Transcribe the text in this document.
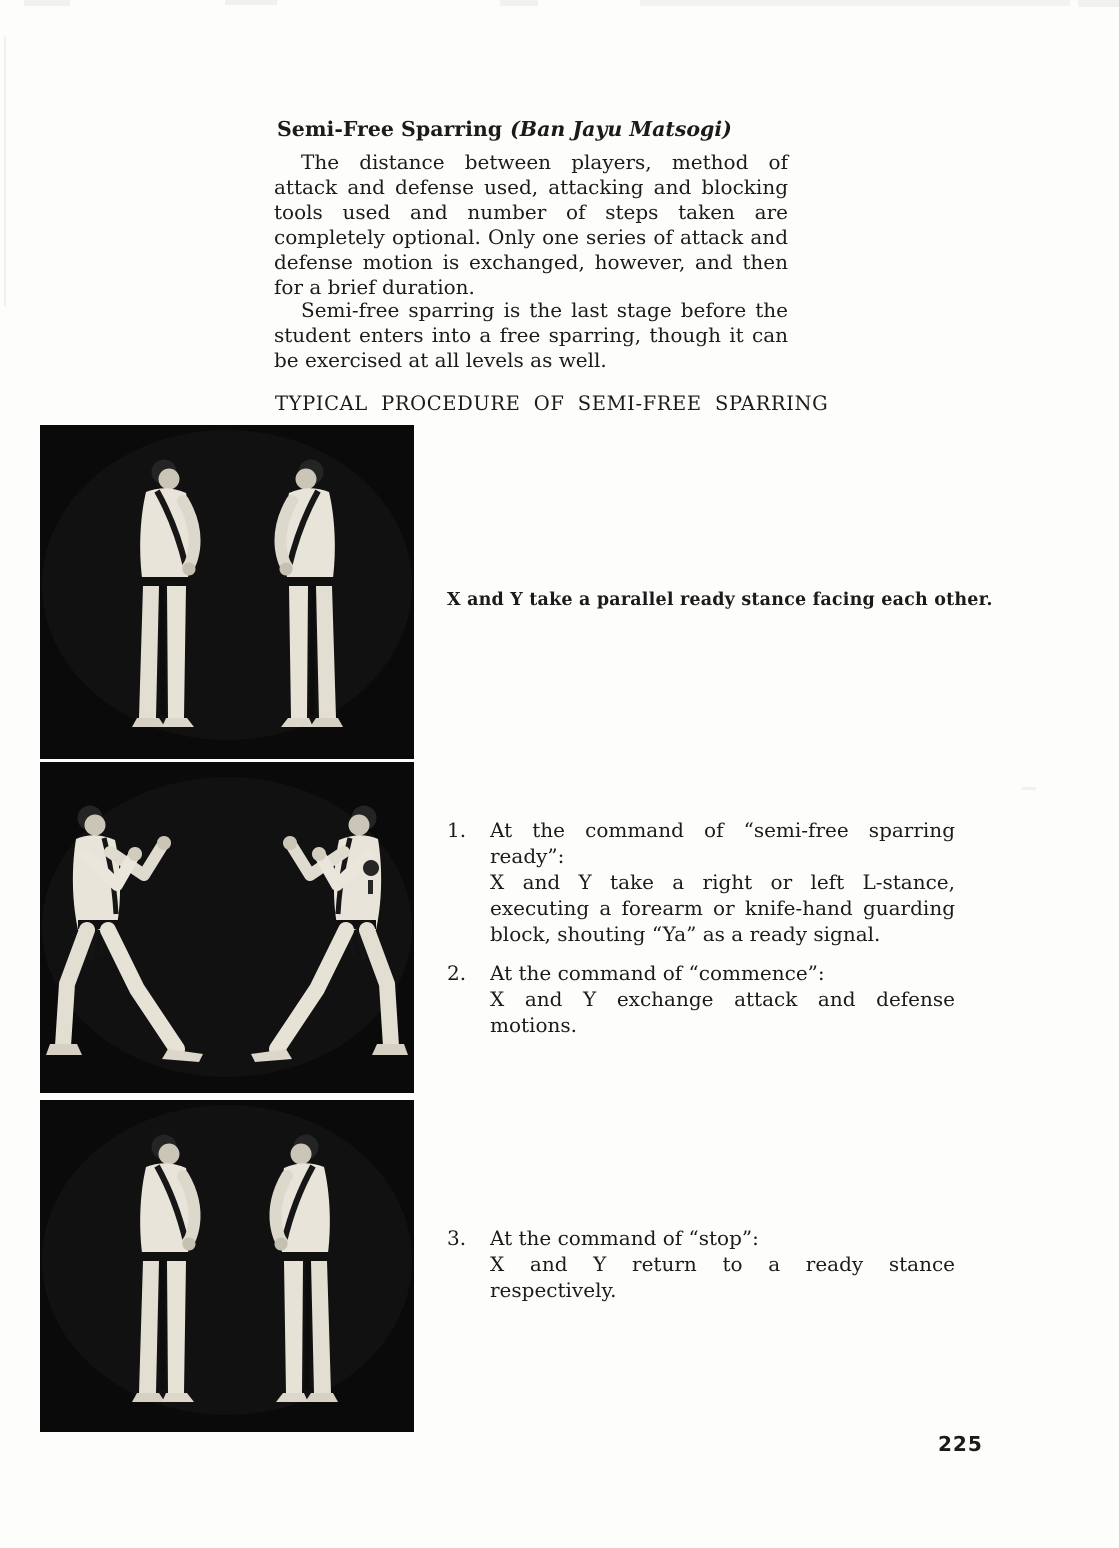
Semi-Free Sparring (Ban Jayu Matsogi)
The distance between players, method of attack and defense used, attacking and blocking tools used and number of steps taken are completely optional. Only one series of attack and defense motion is exchanged, however, and then for a brief duration.
Semi-free sparring is the last stage before the student enters into a free sparring, though it can be exercised at all levels as well.
TYPICAL PROCEDURE OF SEMI-FREE SPARRING
X and Y take a parallel ready stance facing each other.
1.	At the command of “semi-free sparring
ready”:
X and Y take a right or left L-stance,
executing a forearm or knife-hand guarding
block, shouting “Ya” as a ready signal.
2.	At the command of “commence”:
X and Y exchange attack and defense
motions.
3.	At the command of “stop”:
X and Y return to a ready stance
respectively.
225
